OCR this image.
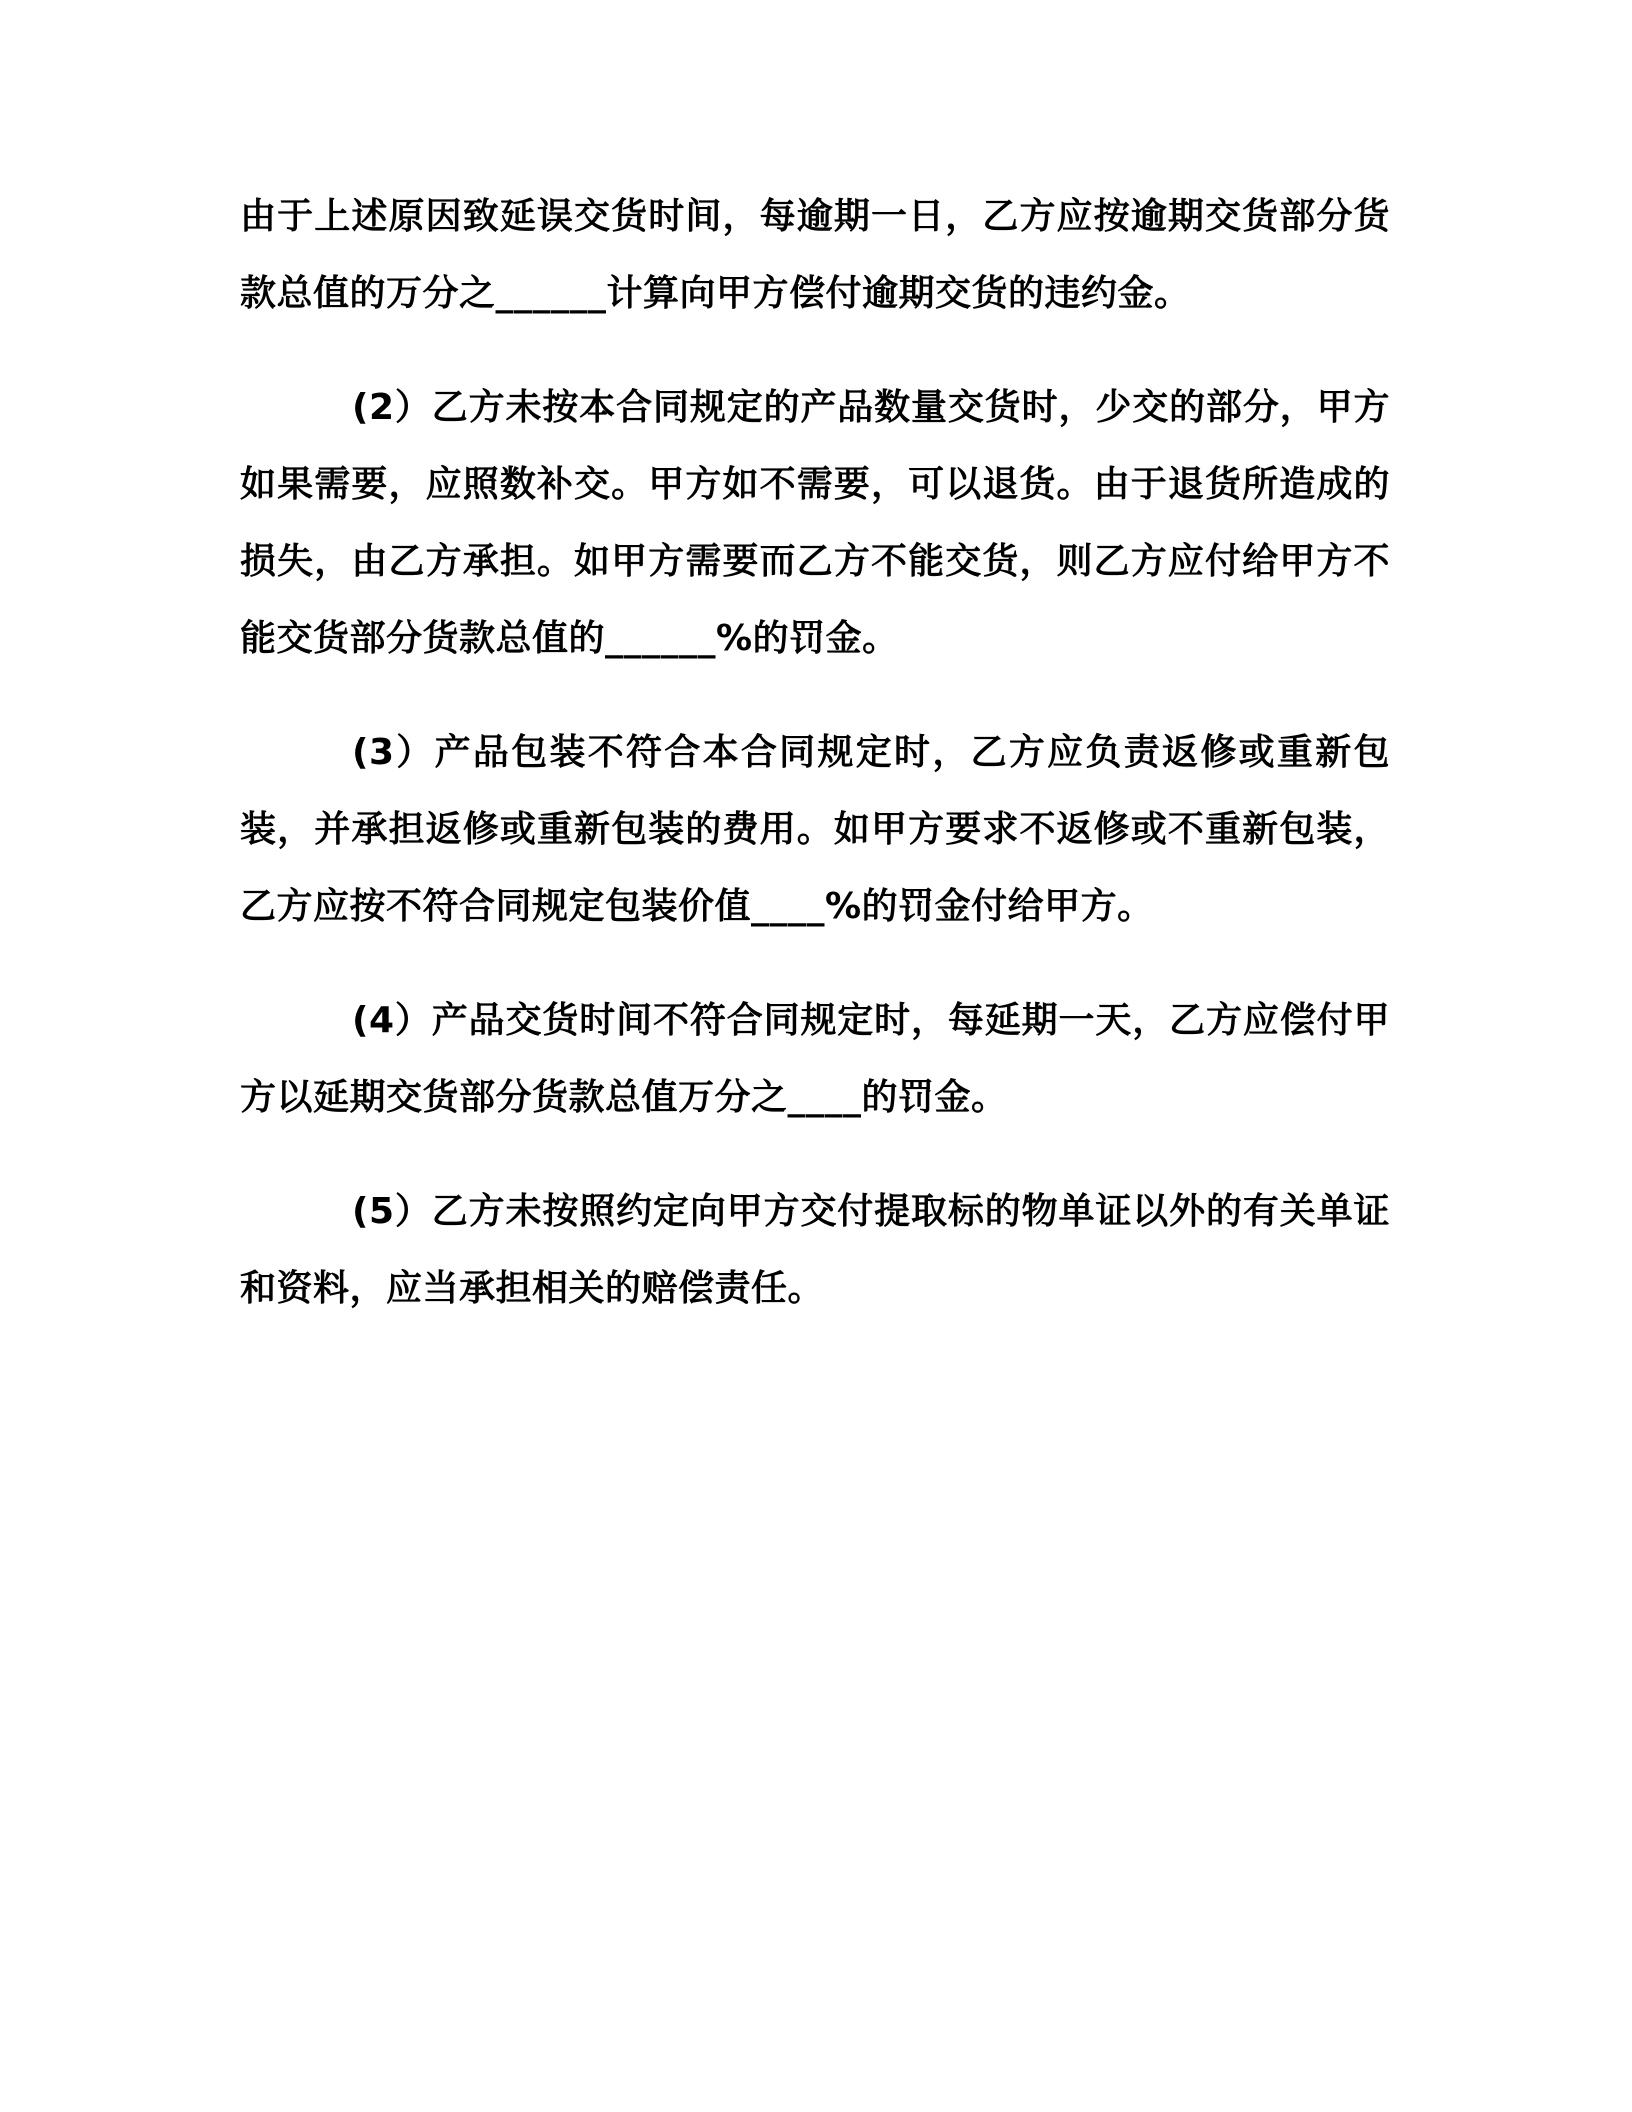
由于上述原因致延误交货时间，每逾期一日，乙方应按逾期交货部分货款总值的万分之______计算向甲方偿付逾期交货的违约金。

(2）乙方未按本合同规定的产品数量交货时，少交的部分，甲方如果需要，应照数补交。甲方如不需要，可以退货。由于退货所造成的损失，由乙方承担。如甲方需要而乙方不能交货，则乙方应付给甲方不能交货部分货款总值的______%的罚金。

(3）产品包装不符合本合同规定时，乙方应负责返修或重新包装，并承担返修或重新包装的费用。如甲方要求不返修或不重新包装，乙方应按不符合同规定包装价值____%的罚金付给甲方。

(4）产品交货时间不符合同规定时，每延期一天，乙方应偿付甲方以延期交货部分货款总值万分之____的罚金。

(5）乙方未按照约定向甲方交付提取标的物单证以外的有关单证和资料，应当承担相关的赔偿责任。
